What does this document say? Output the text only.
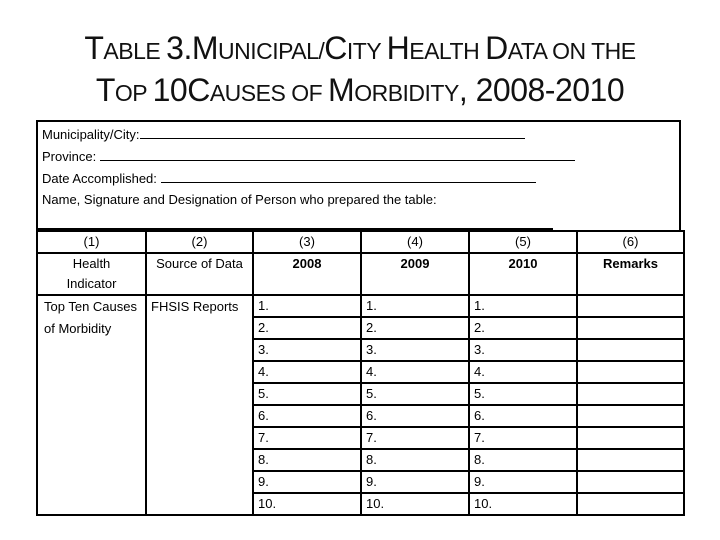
TABLE 3.MUNICIPAL/CITY HEALTH DATA ON THE
TOP 10CAUSES OF MORBIDITY, 2008-2010
Municipality/City:
Province:
Date Accomplished:
Name, Signature and Designation of Person who prepared the table:
(1)	(2)	(3)	(4)	(5)	(6)
Health Indicator	Source of Data	2008	2009	2010	Remarks
Top Ten Causes of Morbidity	FHSIS Reports	1.	1.	1.	
		2.	2.	2.	
		3.	3.	3.	
		4.	4.	4.	
		5.	5.	5.	
		6.	6.	6.	
		7.	7.	7.	
		8.	8.	8.	
		9.	9.	9.	
		10.	10.	10.	
